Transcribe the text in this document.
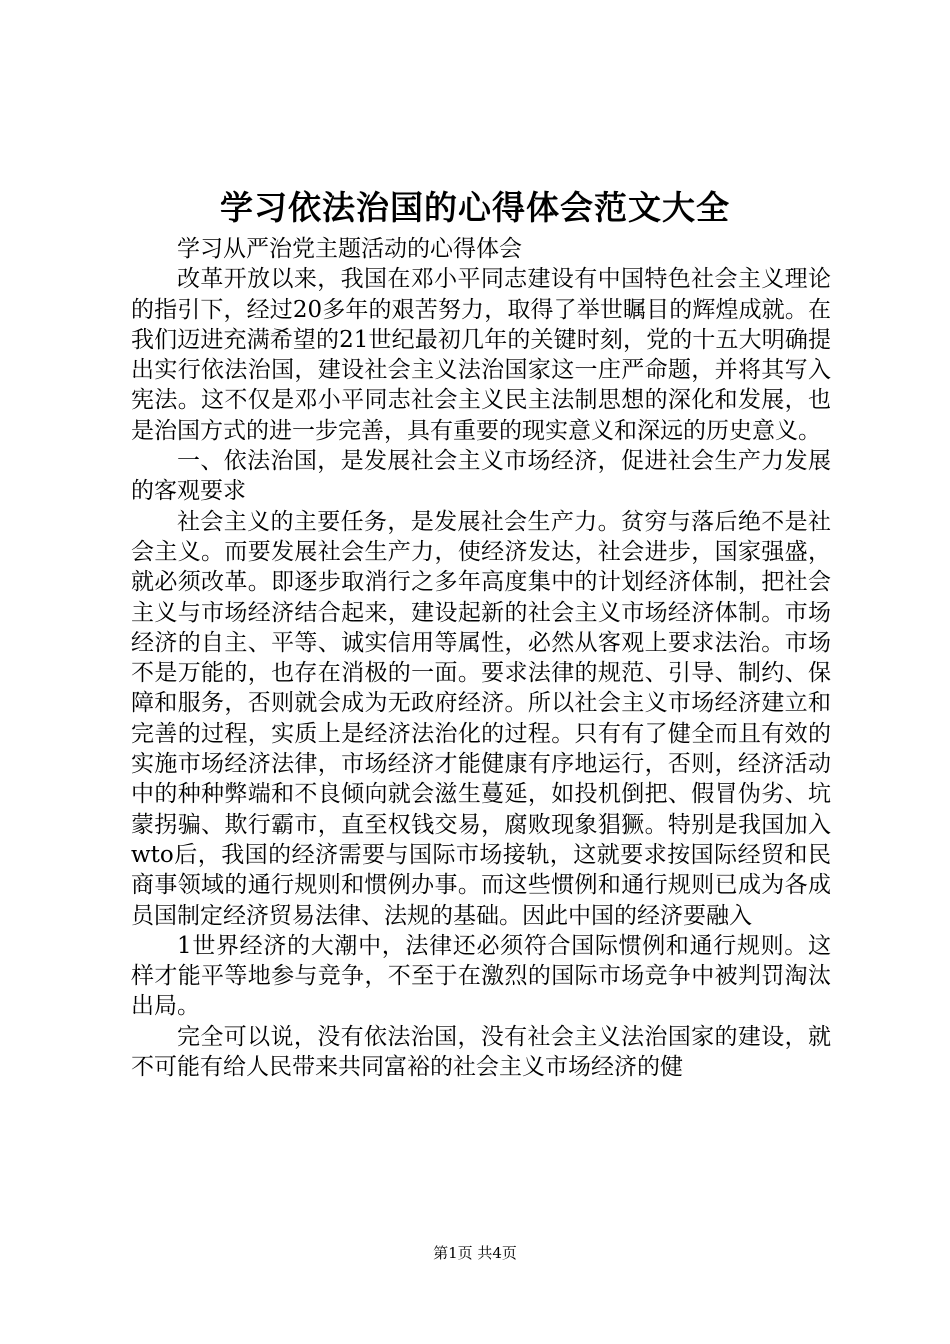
学习依法治国的心得体会范文大全

学习从严治党主题活动的心得体会

改革开放以来，我国在邓小平同志建设有中国特色社会主义理论的指引下，经过20多年的艰苦努力，取得了举世瞩目的辉煌成就。在我们迈进充满希望的21世纪最初几年的关键时刻，党的十五大明确提出实行依法治国，建设社会主义法治国家这一庄严命题，并将其写入宪法。这不仅是邓小平同志社会主义民主法制思想的深化和发展，也是治国方式的进一步完善，具有重要的现实意义和深远的历史意义。

一、依法治国，是发展社会主义市场经济，促进社会生产力发展的客观要求

社会主义的主要任务，是发展社会生产力。贫穷与落后绝不是社会主义。而要发展社会生产力，使经济发达，社会进步，国家强盛，就必须改革。即逐步取消行之多年高度集中的计划经济体制，把社会主义与市场经济结合起来，建设起新的社会主义市场经济体制。市场经济的自主、平等、诚实信用等属性，必然从客观上要求法治。市场不是万能的，也存在消极的一面。要求法律的规范、引导、制约、保障和服务，否则就会成为无政府经济。所以社会主义市场经济建立和完善的过程，实质上是经济法治化的过程。只有有了健全而且有效的实施市场经济法律，市场经济才能健康有序地运行，否则，经济活动中的种种弊端和不良倾向就会滋生蔓延，如投机倒把、假冒伪劣、坑蒙拐骗、欺行霸市，直至权钱交易，腐败现象猖獗。特别是我国加入wto后，我国的经济需要与国际市场接轨，这就要求按国际经贸和民商事领域的通行规则和惯例办事。而这些惯例和通行规则已成为各成员国制定经济贸易法律、法规的基础。因此中国的经济要融入

1世界经济的大潮中，法律还必须符合国际惯例和通行规则。这样才能平等地参与竞争，不至于在激烈的国际市场竞争中被判罚淘汰出局。

完全可以说，没有依法治国，没有社会主义法治国家的建设，就不可能有给人民带来共同富裕的社会主义市场经济的健

第1页 共4页
